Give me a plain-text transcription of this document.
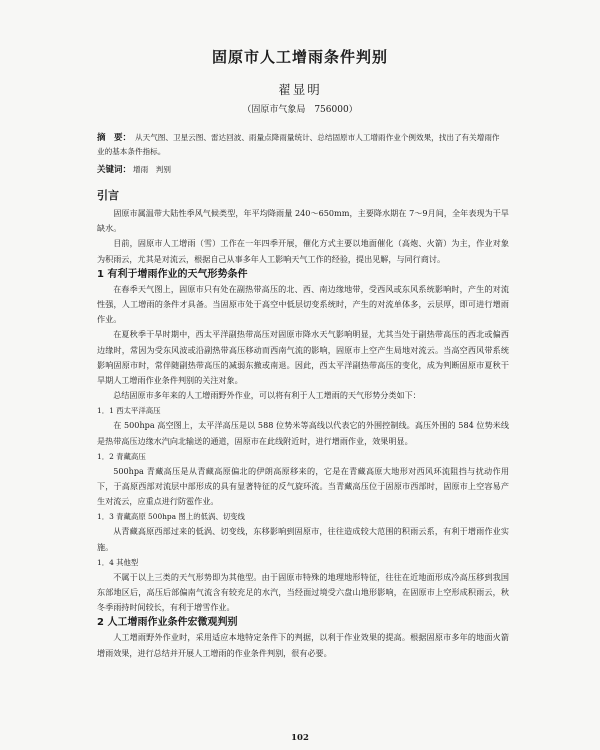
固原市人工增雨条件判别
翟显明
（固原市气象局　756000）
摘　要： 从天气图、卫星云图、雷达回波、雨量点降雨量统计、总结固原市人工增雨作业个例效果，找出了有关增雨作业的基本条件指标。
关键词： 增雨　判别
引言

固原市属温带大陆性季风气候类型，年平均降雨量 240～650mm，主要降水期在 7～9月间，全年表现为干旱缺水。

目前，固原市人工增雨（雪）工作在一年四季开展，催化方式主要以地面催化（高炮、火箭）为主，作业对象为积雨云，尤其是对流云，根据自己从事多年人工影响天气工作的经验，提出见解，与同行商讨。

1 有利于增雨作业的天气形势条件

在春季天气图上，固原市只有处在副热带高压的北、西、南边缘地带，受西风或东风系统影响时，产生的对流性强，人工增雨的条件才具备。当固原市处于高空中低层切变系统时，产生的对流单体多，云层厚，即可进行增雨作业。

在夏秋季干旱时期中，西太平洋副热带高压对固原市降水天气影响明显，尤其当处于副热带高压的西北或偏西边缘时，常因为受东风波或沿副热带高压移动而西南气流的影响，固原市上空产生局地对流云。当高空西风带系统影响固原市时，常伴随副热带高压的减弱东撤或南退。因此，西太平洋副热带高压的变化，成为判断固原市夏秋干旱期人工增雨作业条件判别的关注对象。

总结固原市多年来的人工增雨野外作业，可以将有利于人工增雨的天气形势分类如下：

1．1 西太平洋高压

在 500hpa 高空图上，太平洋高压是以 588 位势米等高线以代表它的外围控制线。高压外围的 584 位势米线是热带高压边缘水汽向北输送的通道，固原市在此线附近时，进行增雨作业，效果明显。

1．2 青藏高压

500hpa 青藏高压是从青藏高原偏北的伊朗高原移来的，它是在青藏高原大地形对西风环流阻挡与扰动作用下，于高原西部对流层中部形成的具有显著特征的反气旋环流。当青藏高压位于固原市西部时，固原市上空容易产生对流云，应重点进行防雹作业。

1．3 青藏高原 500hpa 图上的低涡、切变线

从青藏高原西部过来的低涡、切变线，东移影响到固原市，往往造成较大范围的积雨云系，有利于增雨作业实施。

1．4 其他型

不属于以上三类的天气形势即为其他型。由于固原市特殊的地理地形特征，往往在近地面形成冷高压移到我国东部地区后，高压后部偏南气流含有较充足的水汽，当经面过境受六盘山地形影响，在固原市上空形成积雨云，秋冬季雨持时间较长，有利于增雪作业。

2 人工增雨作业条件宏微观判别

人工增雨野外作业时，采用适应本地特定条件下的判据，以利于作业效果的提高。根据固原市多年的地面火箭增雨效果，进行总结并开展人工增雨的作业条件判别，很有必要。

102
